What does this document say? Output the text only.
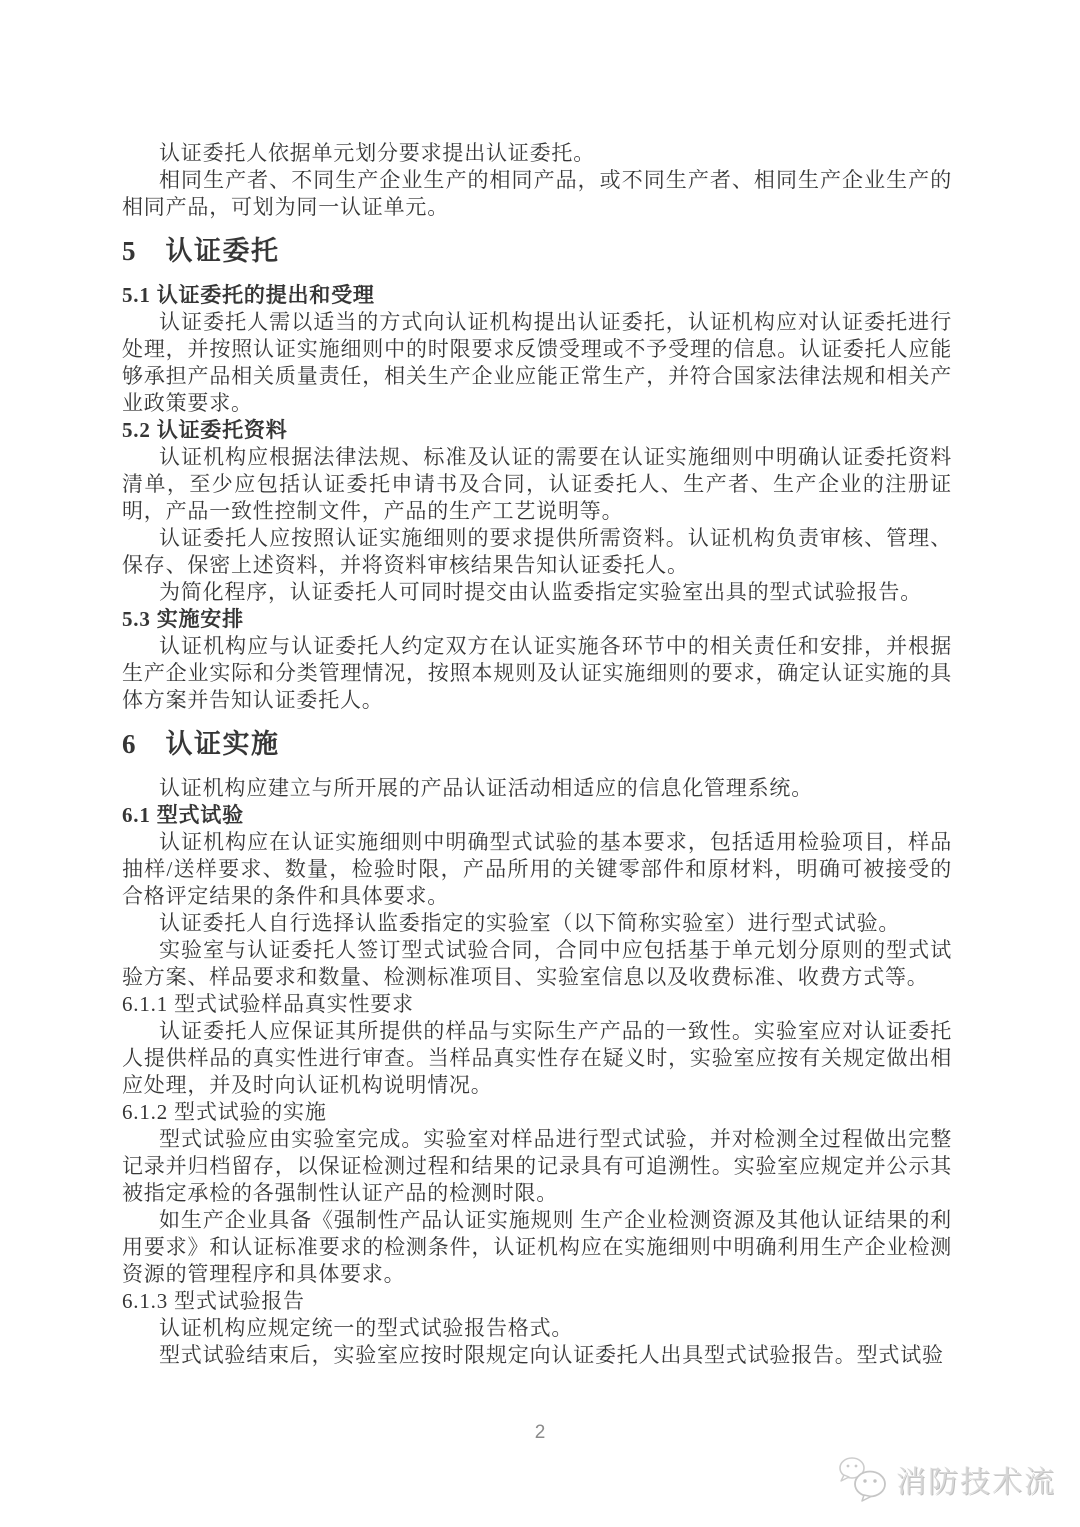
认证委托人依据单元划分要求提出认证委托。

相同生产者、不同生产企业生产的相同产品，或不同生产者、相同生产企业生产的相同产品，可划为同一认证单元。

5　认证委托
5.1 认证委托的提出和受理

认证委托人需以适当的方式向认证机构提出认证委托，认证机构应对认证委托进行处理，并按照认证实施细则中的时限要求反馈受理或不予受理的信息。认证委托人应能够承担产品相关质量责任，相关生产企业应能正常生产，并符合国家法律法规和相关产业政策要求。

5.2 认证委托资料

认证机构应根据法律法规、标准及认证的需要在认证实施细则中明确认证委托资料清单，至少应包括认证委托申请书及合同，认证委托人、生产者、生产企业的注册证明，产品一致性控制文件，产品的生产工艺说明等。

认证委托人应按照认证实施细则的要求提供所需资料。认证机构负责审核、管理、保存、保密上述资料，并将资料审核结果告知认证委托人。

为简化程序，认证委托人可同时提交由认监委指定实验室出具的型式试验报告。

5.3 实施安排

认证机构应与认证委托人约定双方在认证实施各环节中的相关责任和安排，并根据生产企业实际和分类管理情况，按照本规则及认证实施细则的要求，确定认证实施的具体方案并告知认证委托人。

6　认证实施

认证机构应建立与所开展的产品认证活动相适应的信息化管理系统。

6.1 型式试验

认证机构应在认证实施细则中明确型式试验的基本要求，包括适用检验项目，样品抽样/送样要求、数量，检验时限，产品所用的关键零部件和原材料，明确可被接受的合格评定结果的条件和具体要求。

认证委托人自行选择认监委指定的实验室（以下简称实验室）进行型式试验。

实验室与认证委托人签订型式试验合同，合同中应包括基于单元划分原则的型式试验方案、样品要求和数量、检测标准项目、实验室信息以及收费标准、收费方式等。

6.1.1 型式试验样品真实性要求

认证委托人应保证其所提供的样品与实际生产产品的一致性。实验室应对认证委托人提供样品的真实性进行审查。当样品真实性存在疑义时，实验室应按有关规定做出相应处理，并及时向认证机构说明情况。

6.1.2 型式试验的实施

型式试验应由实验室完成。实验室对样品进行型式试验，并对检测全过程做出完整记录并归档留存，以保证检测过程和结果的记录具有可追溯性。实验室应规定并公示其被指定承检的各强制性认证产品的检测时限。

如生产企业具备《强制性产品认证实施规则 生产企业检测资源及其他认证结果的利用要求》和认证标准要求的检测条件，认证机构应在实施细则中明确利用生产企业检测资源的管理程序和具体要求。

6.1.3 型式试验报告

认证机构应规定统一的型式试验报告格式。

型式试验结束后，实验室应按时限规定向认证委托人出具型式试验报告。型式试验

2
消防技术流
